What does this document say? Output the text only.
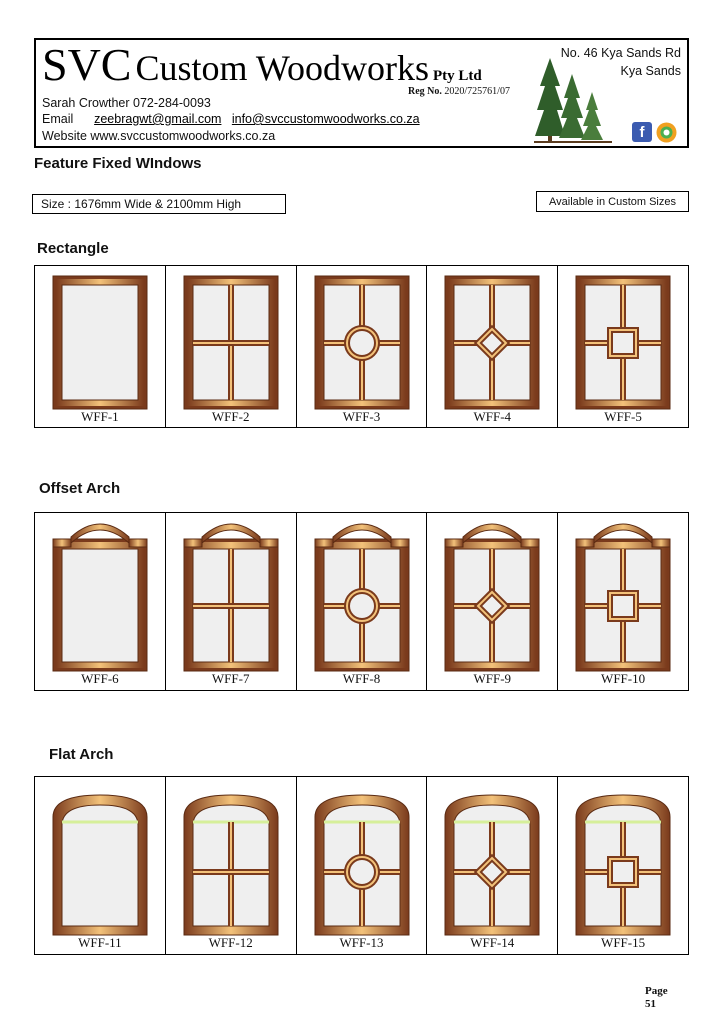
SVC Custom Woodworks Pty Ltd
Reg No. 2020/725761/07
Sarah Crowther 072-284-0093
Email zeebragwt@gmail.com info@svccustomwoodworks.co.za
Website www.svccustomwoodworks.co.za
No. 46 Kya Sands Rd
Kya Sands
f
Feature Fixed WIndows
Size : 1676mm Wide & 2100mm High	Available in Custom Sizes
Rectangle
WFF-1	WFF-2	WFF-3	WFF-4	WFF-5
Offset Arch
WFF-6	WFF-7	WFF-8	WFF-9	WFF-10
Flat Arch
WFF-11	WFF-12	WFF-13	WFF-14	WFF-15
Page
51
